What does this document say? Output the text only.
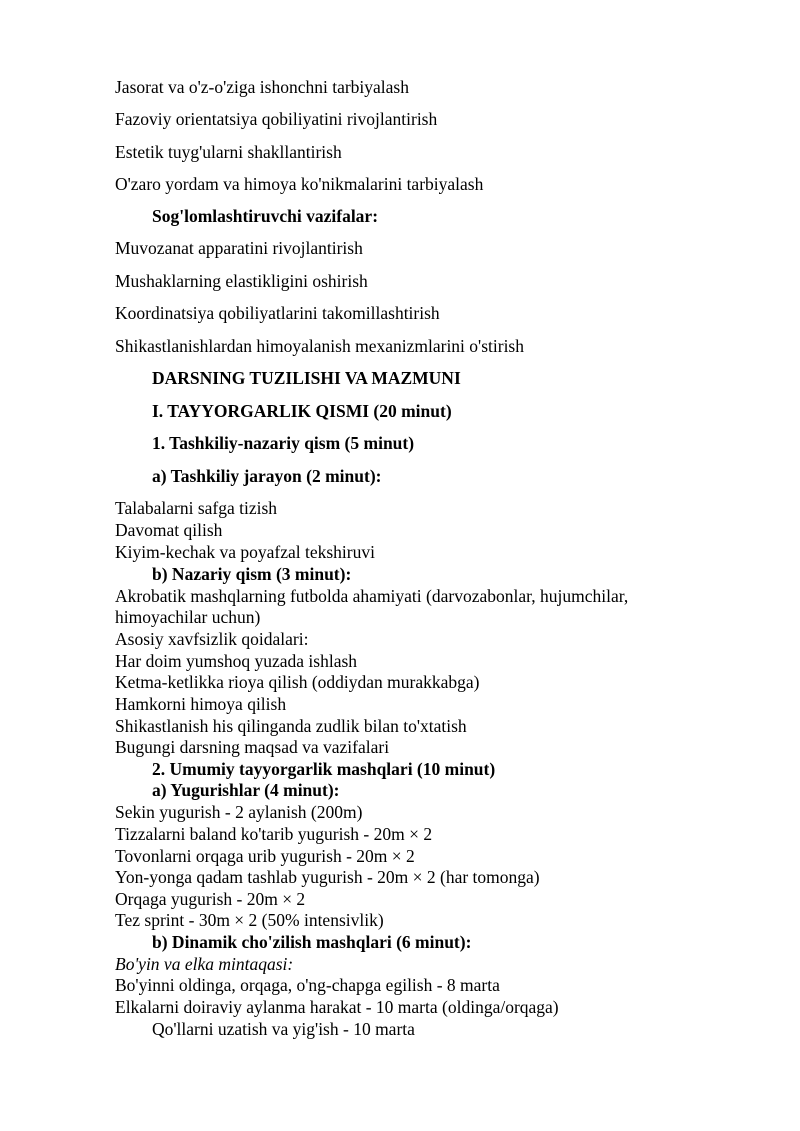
Jasorat va o'z-o'ziga ishonchni tarbiyalash
Fazoviy orientatsiya qobiliyatini rivojlantirish
Estetik tuyg'ularni shakllantirish
O'zaro yordam va himoya ko'nikmalarini tarbiyalash
Sog'lomlashtiruvchi vazifalar:
Muvozanat apparatini rivojlantirish
Mushaklarning elastikligini oshirish
Koordinatsiya qobiliyatlarini takomillashtirish
Shikastlanishlardan himoyalanish mexanizmlarini o'stirish
DARSNING TUZILISHI VA MAZMUNI
I. TAYYORGARLIK QISMI (20 minut)
1. Tashkiliy-nazariy qism (5 minut)
a) Tashkiliy jarayon (2 minut):
Talabalarni safga tizish
Davomat qilish
Kiyim-kechak va poyafzal tekshiruvi
b) Nazariy qism (3 minut):
Akrobatik mashqlarning futbolda ahamiyati (darvozabonlar, hujumchilar,
himoyachilar uchun)
Asosiy xavfsizlik qoidalari:
Har doim yumshoq yuzada ishlash
Ketma-ketlikka rioya qilish (oddiydan murakkabga)
Hamkorni himoya qilish
Shikastlanish his qilinganda zudlik bilan to'xtatish
Bugungi darsning maqsad va vazifalari
2. Umumiy tayyorgarlik mashqlari (10 minut)
a) Yugurishlar (4 minut):
Sekin yugurish - 2 aylanish (200m)
Tizzalarni baland ko'tarib yugurish - 20m × 2
Tovonlarni orqaga urib yugurish - 20m × 2
Yon-yonga qadam tashlab yugurish - 20m × 2 (har tomonga)
Orqaga yugurish - 20m × 2
Tez sprint - 30m × 2 (50% intensivlik)
b) Dinamik cho'zilish mashqlari (6 minut):
Bo'yin va elka mintaqasi:
Bo'yinni oldinga, orqaga, o'ng-chapga egilish - 8 marta
Elkalarni doiraviy aylanma harakat - 10 marta (oldinga/orqaga)
Qo'llarni uzatish va yig'ish - 10 marta
